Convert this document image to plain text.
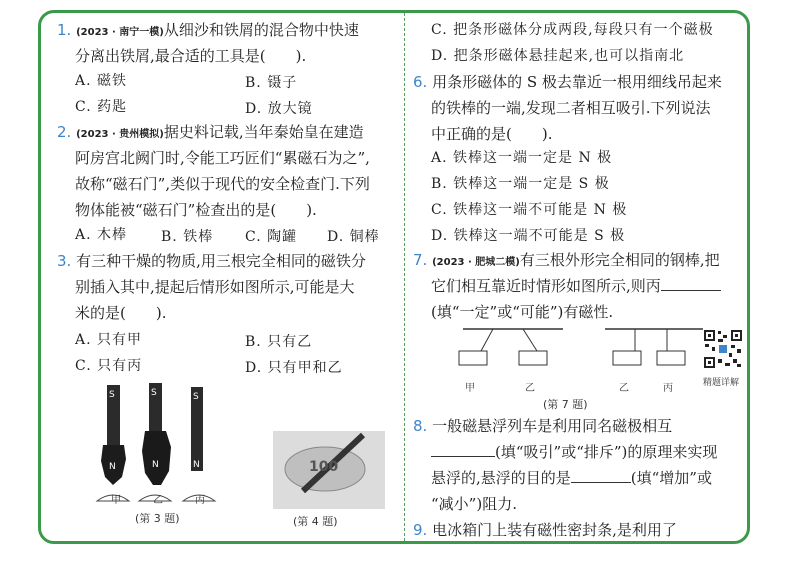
1. (2023 · 南宁一模)从细沙和铁屑的混合物中快速
分离出铁屑,最合适的工具是(　　).
A. 磁铁	B. 镊子
C. 药匙	D. 放大镜
2. (2023 · 贵州模拟)据史料记载,当年秦始皇在建造
阿房宫北阙门时,令能工巧匠们“累磁石为之”,
故称“磁石门”,类似于现代的安全检查门.下列
物体能被“磁石门”检查出的是(　　).
A. 木棒 B. 铁棒 C. 陶罐 D. 铜棒
3. 有三种干燥的物质,用三根完全相同的磁铁分
别插入其中,提起后情形如图所示,可能是大
米的是(　　).
A. 只有甲	B. 只有乙
C. 只有丙	D. 只有甲和乙
S	S	S
N	N	N
甲	乙	丙
(第 3 题)
100
(第 4 题)
C. 把条形磁体分成两段,每段只有一个磁极
D. 把条形磁体悬挂起来,也可以指南北
6. 用条形磁体的 S 极去靠近一根用细线吊起来
的铁棒的一端,发现二者相互吸引.下列说法
中正确的是(　　).
A. 铁棒这一端一定是 N 极
B. 铁棒这一端一定是 S 极
C. 铁棒这一端不可能是 N 极
D. 铁棒这一端不可能是 S 极
7. (2023 · 肥城二模)有三根外形完全相同的钢棒,把
它们相互靠近时情形如图所示,则丙
(填“一定”或“可能”)有磁性.
甲	乙	乙	丙
(第 7 题)
精题详解
8. 一般磁悬浮列车是利用同名磁极相互
(填“吸引”或“排斥”)的原理来实现
悬浮的,悬浮的目的是	(填“增加”或
“减小”)阻力.
9. 电冰箱门上装有磁性密封条,是利用了
